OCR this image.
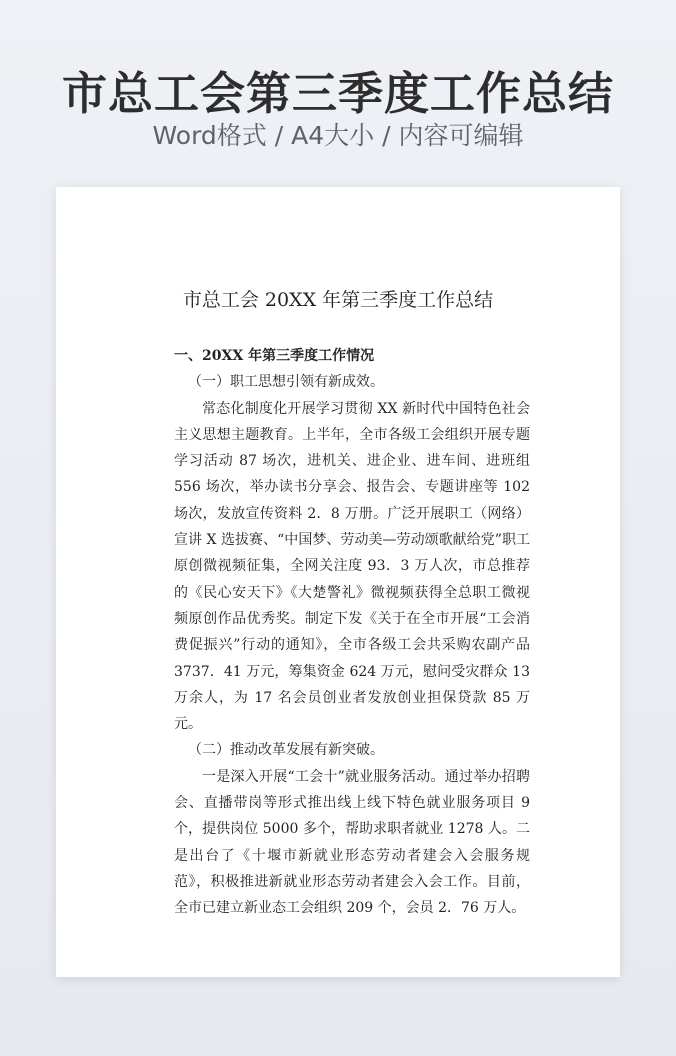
市总工会第三季度工作总结
Word格式 / A4大小 / 内容可编辑
市总工会 20XX 年第三季度工作总结

一、20XX 年第三季度工作情况

（一）职工思想引领有新成效。

常态化制度化开展学习贯彻 XX 新时代中国特色社会主义思想主题教育。上半年，全市各级工会组织开展专题学习活动 87 场次，进机关、进企业、进车间、进班组 556 场次，举办读书分享会、报告会、专题讲座等 102 场次，发放宣传资料 2．8 万册。广泛开展职工（网络）宣讲 X 选拔赛、“中国梦、劳动美—劳动颂歌献给党”职工原创微视频征集，全网关注度 93．3 万人次，市总推荐的《民心安天下》《大楚警礼》微视频获得全总职工微视频原创作品优秀奖。制定下发《关于在全市开展“工会消费促振兴”行动的通知》，全市各级工会共采购农副产品 3737．41 万元，筹集资金 624 万元，慰问受灾群众 13 万余人，为 17 名会员创业者发放创业担保贷款 85 万元。

（二）推动改革发展有新突破。

一是深入开展“工会十”就业服务活动。通过举办招聘会、直播带岗等形式推出线上线下特色就业服务项目 9 个，提供岗位 5000 多个，帮助求职者就业 1278 人。二是出台了《十堰市新就业形态劳动者建会入会服务规范》，积极推进新就业形态劳动者建会入会工作。目前，全市已建立新业态工会组织 209 个，会员 2．76 万人。
